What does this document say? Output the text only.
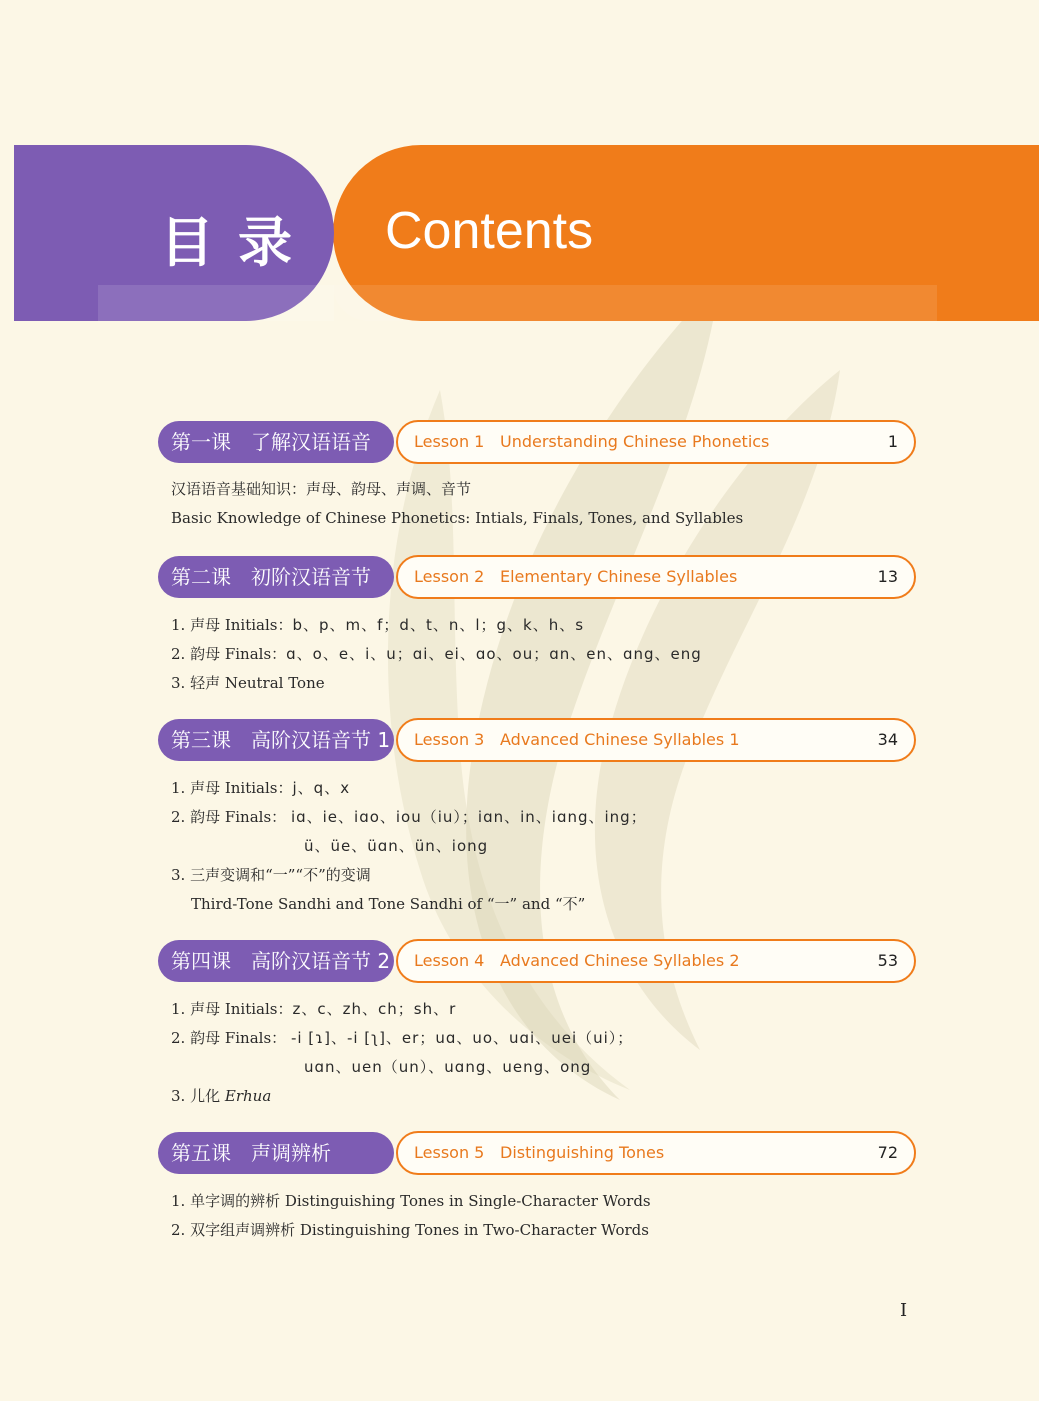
目录 Contents
第一课　了解汉语语音	Lesson 1 Understanding Chinese Phonetics	1
汉语语音基础知识：声母、韵母、声调、音节
Basic Knowledge of Chinese Phonetics: Intials, Finals, Tones, and Syllables
第二课　初阶汉语音节	Lesson 2 Elementary Chinese Syllables	13
1. 声母 Initials：b、p、m、f；d、t、n、l；g、k、h、s
2. 韵母 Finals：ɑ、o、e、i、u；ɑi、ei、ɑo、ou；ɑn、en、ɑng、eng
3. 轻声 Neutral Tone
第三课　高阶汉语音节 1 Lesson 3 Advanced Chinese Syllables 1	34
1. 声母 Initials：j、q、x
2. 韵母 Finals： iɑ、ie、iɑo、iou（iu）；iɑn、in、iɑng、ing；
ü、üe、üɑn、ün、iong
3. 三声变调和“一”“不”的变调
Third-Tone Sandhi and Tone Sandhi of “一” and “不”
第四课　高阶汉语音节 2 Lesson 4 Advanced Chinese Syllables 2	53
1. 声母 Initials：z、c、zh、ch；sh、r
2. 韵母 Finals： -i [ɿ]、-i [ʅ]、er；uɑ、uo、uɑi、uei（ui）；
uɑn、uen（un）、uɑng、ueng、ong
3. 儿化 Erhua
第五课　声调辨析	Lesson 5 Distinguishing Tones	72
1. 单字调的辨析 Distinguishing Tones in Single-Character Words
2. 双字组声调辨析 Distinguishing Tones in Two-Character Words
I
